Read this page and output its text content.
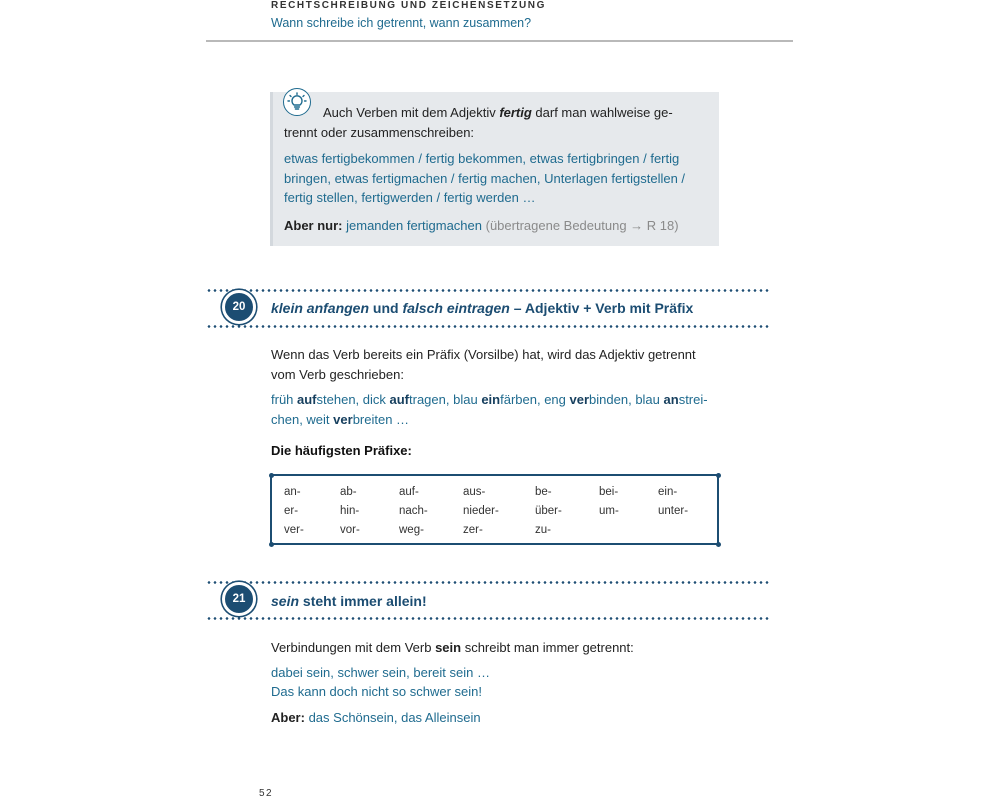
RECHTSCHREIBUNG UND ZEICHENSETZUNG
Wann schreibe ich getrennt, wann zusammen?

Auch Verben mit dem Adjektiv fertig darf man wahlweise ge-

trennt oder zusammenschreiben:

etwas fertigbekommen / fertig bekommen, etwas fertigbringen / fertig bringen, etwas fertigmachen / fertig machen, Unterlagen fertigstellen / fertig stellen, fertigwerden / fertig werden …

Aber nur: jemanden fertigmachen (übertragene Bedeutung → R 18)

20	klein anfangen und falsch eintragen – Adjektiv + Verb mit Präfix
Wenn das Verb bereits ein Präfix (Vorsilbe) hat, wird das Adjektiv getrennt vom Verb geschrieben:
früh aufstehen, dick auftragen, blau einfärben, eng verbinden, blau anstrei-
chen, weit verbreiten …
Die häufigsten Präfixe:
an-	ab-	auf-	aus-	be-	bei-	ein-
er-	hin-	nach-	nieder-	über-	um-	unter-
ver-	vor-	weg-	zer-	zu-
21	sein steht immer allein!
Verbindungen mit dem Verb sein schreibt man immer getrennt:
dabei sein, schwer sein, bereit sein …
Das kann doch nicht so schwer sein!
Aber: das Schönsein, das Alleinsein
52
